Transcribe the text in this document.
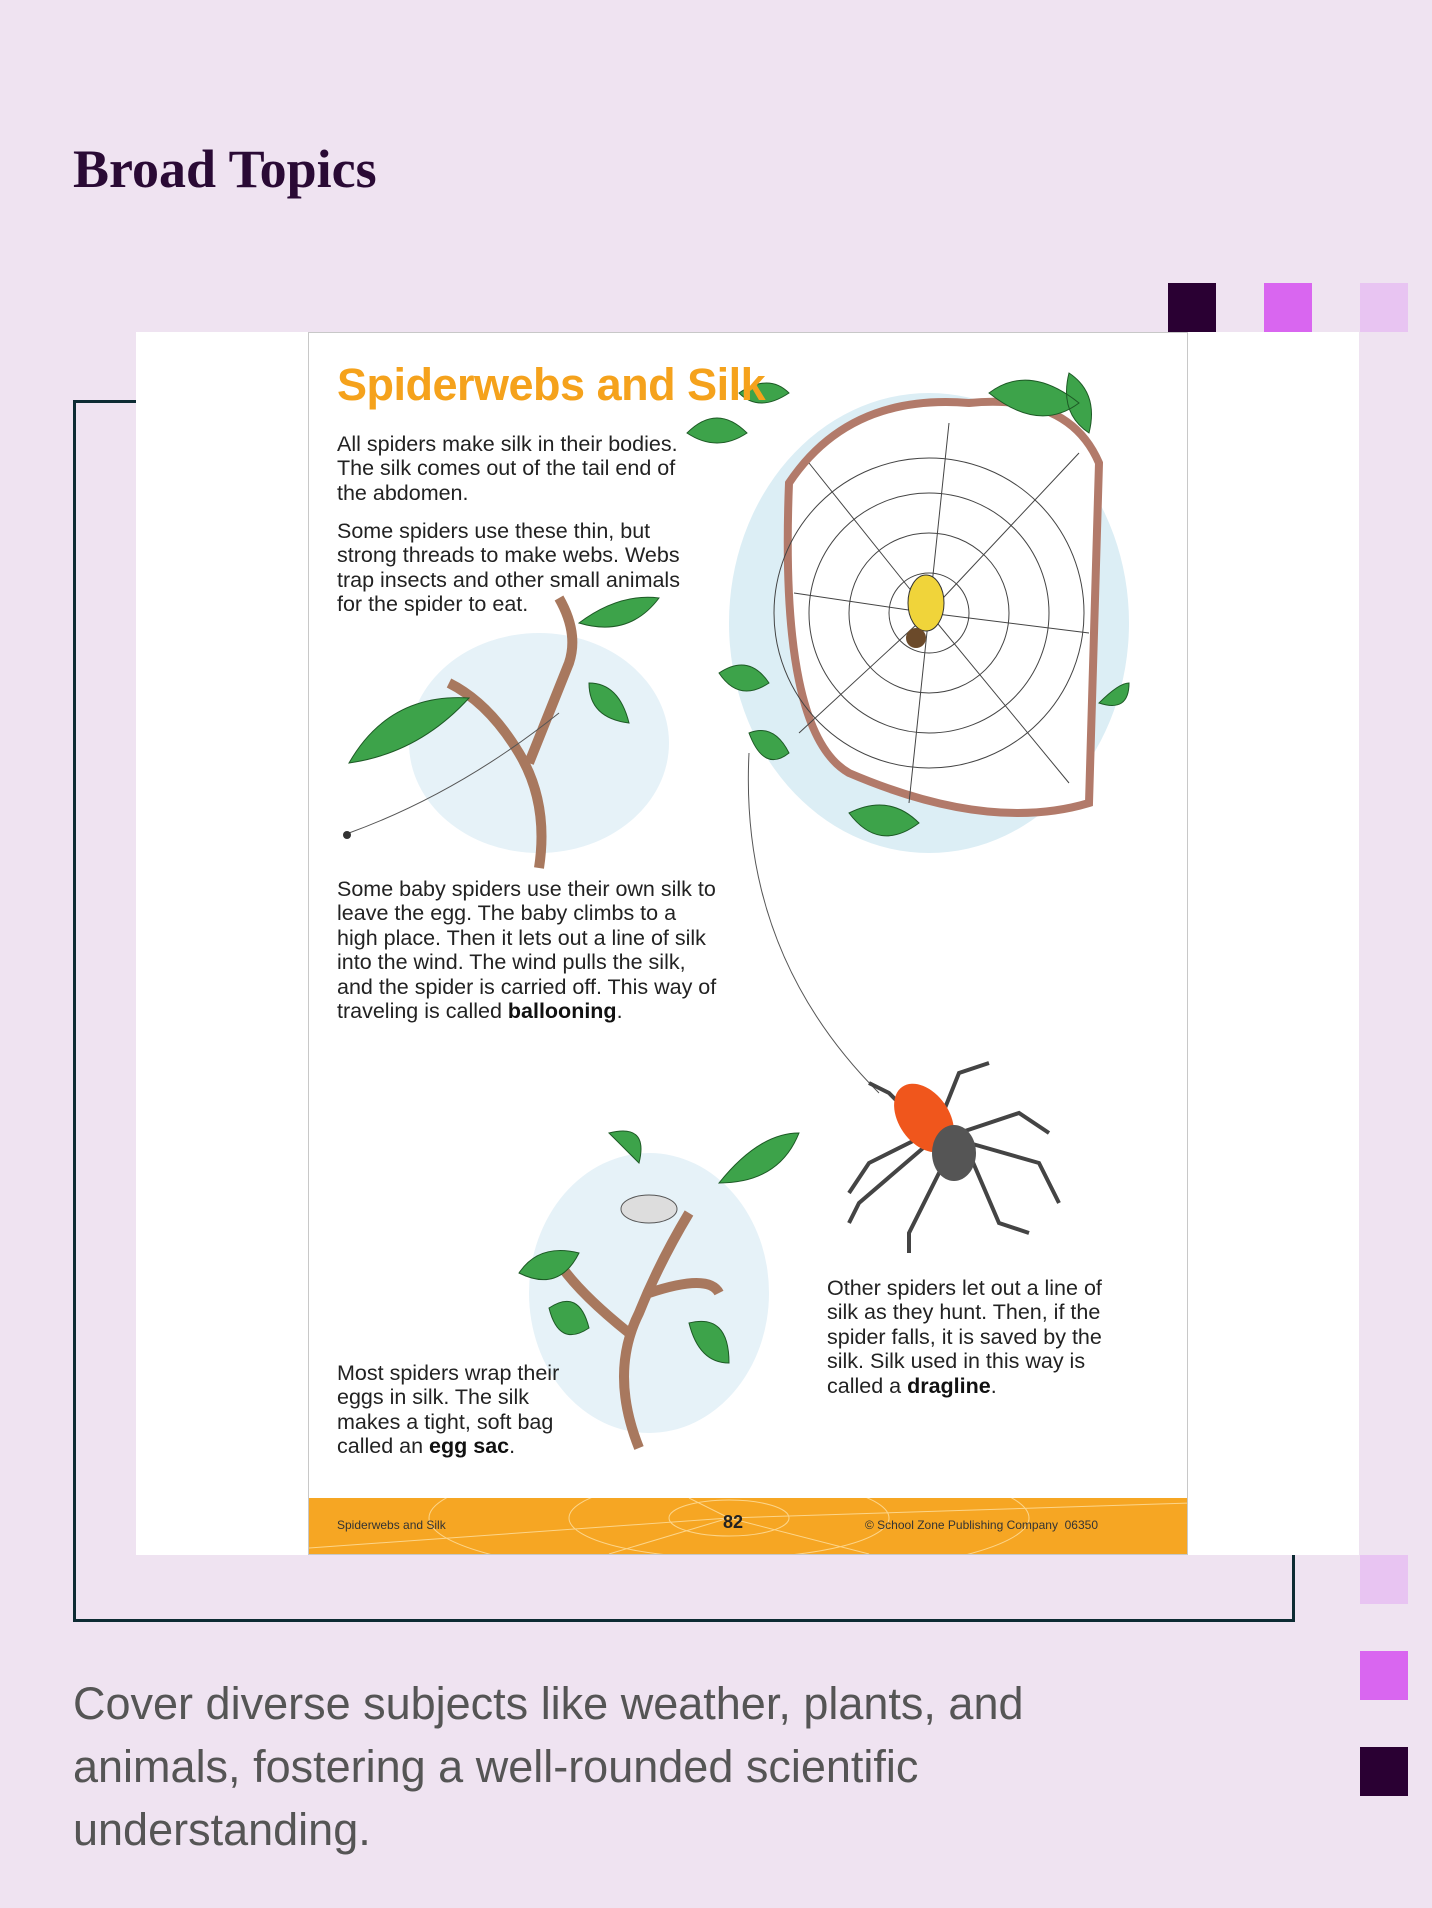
Broad Topics
Spiderwebs and Silk
All spiders make silk in their bodies. The silk comes out of the tail end of the abdomen.
Some spiders use these thin, but strong threads to make webs. Webs trap insects and other small animals for the spider to eat.
Some baby spiders use their own silk to leave the egg. The baby climbs to a high place. Then it lets out a line of silk into the wind. The wind pulls the silk, and the spider is carried off. This way of traveling is called ballooning.
Other spiders let out a line of silk as they hunt. Then, if the spider falls, it is saved by the silk. Silk used in this way is called a dragline.
Most spiders wrap their eggs in silk. The silk makes a tight, soft bag called an egg sac.
Spiderwebs and Silk	82	© School Zone Publishing Company  06350
Cover diverse subjects like weather, plants, and animals, fostering a well-rounded scientific understanding.
